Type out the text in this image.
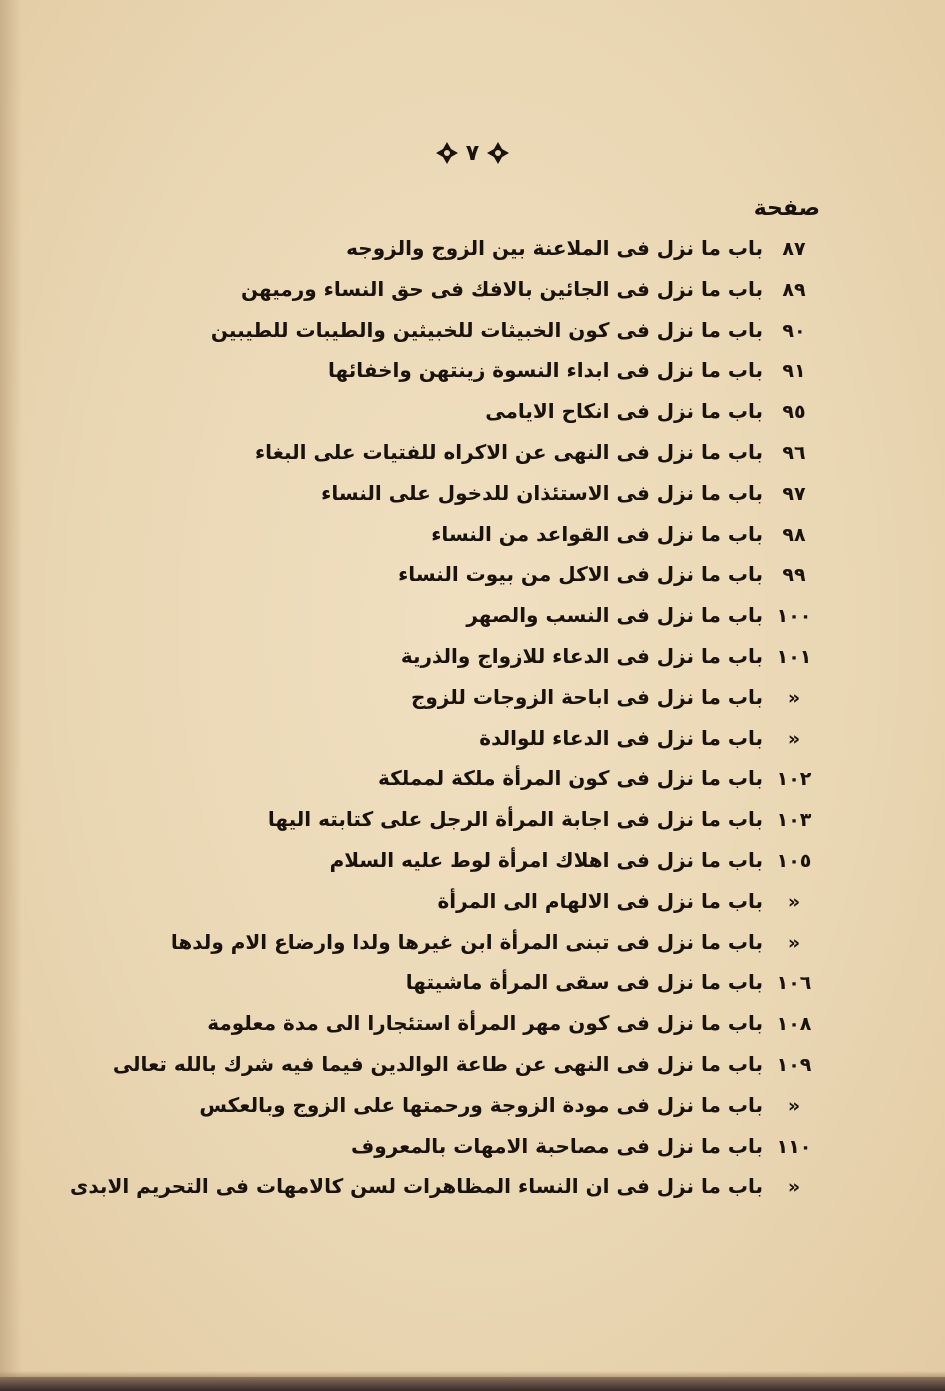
٧
صفحة
٨٧
باب ما نزل فى الملاعنة بين الزوج والزوجه
٨٩
باب ما نزل فى الجائين بالافك فى حق النساء ورميهن
٩٠
باب ما نزل فى كون الخبيثات للخبيثين والطيبات للطيبين
٩١
باب ما نزل فى ابداء النسوة زينتهن واخفائها
٩٥
باب ما نزل فى انكاح الايامى
٩٦
باب ما نزل فى النهى عن الاكراه للفتيات على البغاء
٩٧
باب ما نزل فى الاستئذان للدخول على النساء
٩٨
باب ما نزل فى القواعد من النساء
٩٩
باب ما نزل فى الاكل من بيوت النساء
١٠٠
باب ما نزل فى النسب والصهر
١٠١
باب ما نزل فى الدعاء للازواج والذرية
«
باب ما نزل فى اباحة الزوجات للزوج
«
باب ما نزل فى الدعاء للوالدة
١٠٢
باب ما نزل فى كون المرأة ملكة لمملكة
١٠٣
باب ما نزل فى اجابة المرأة الرجل على كتابته اليها
١٠٥
باب ما نزل فى اهلاك امرأة لوط عليه السلام
«
باب ما نزل فى الالهام الى المرأة
«
باب ما نزل فى تبنى المرأة ابن غيرها ولدا وارضاع الام ولدها
١٠٦
باب ما نزل فى سقى المرأة ماشيتها
١٠٨
باب ما نزل فى كون مهر المرأة استئجارا الى مدة معلومة
١٠٩
باب ما نزل فى النهى عن طاعة الوالدين فيما فيه شرك بالله تعالى
«
باب ما نزل فى مودة الزوجة ورحمتها على الزوج وبالعكس
١١٠
باب ما نزل فى مصاحبة الامهات بالمعروف
«
باب ما نزل فى ان النساء المظاهرات لسن كالامهات فى التحريم الابدى
